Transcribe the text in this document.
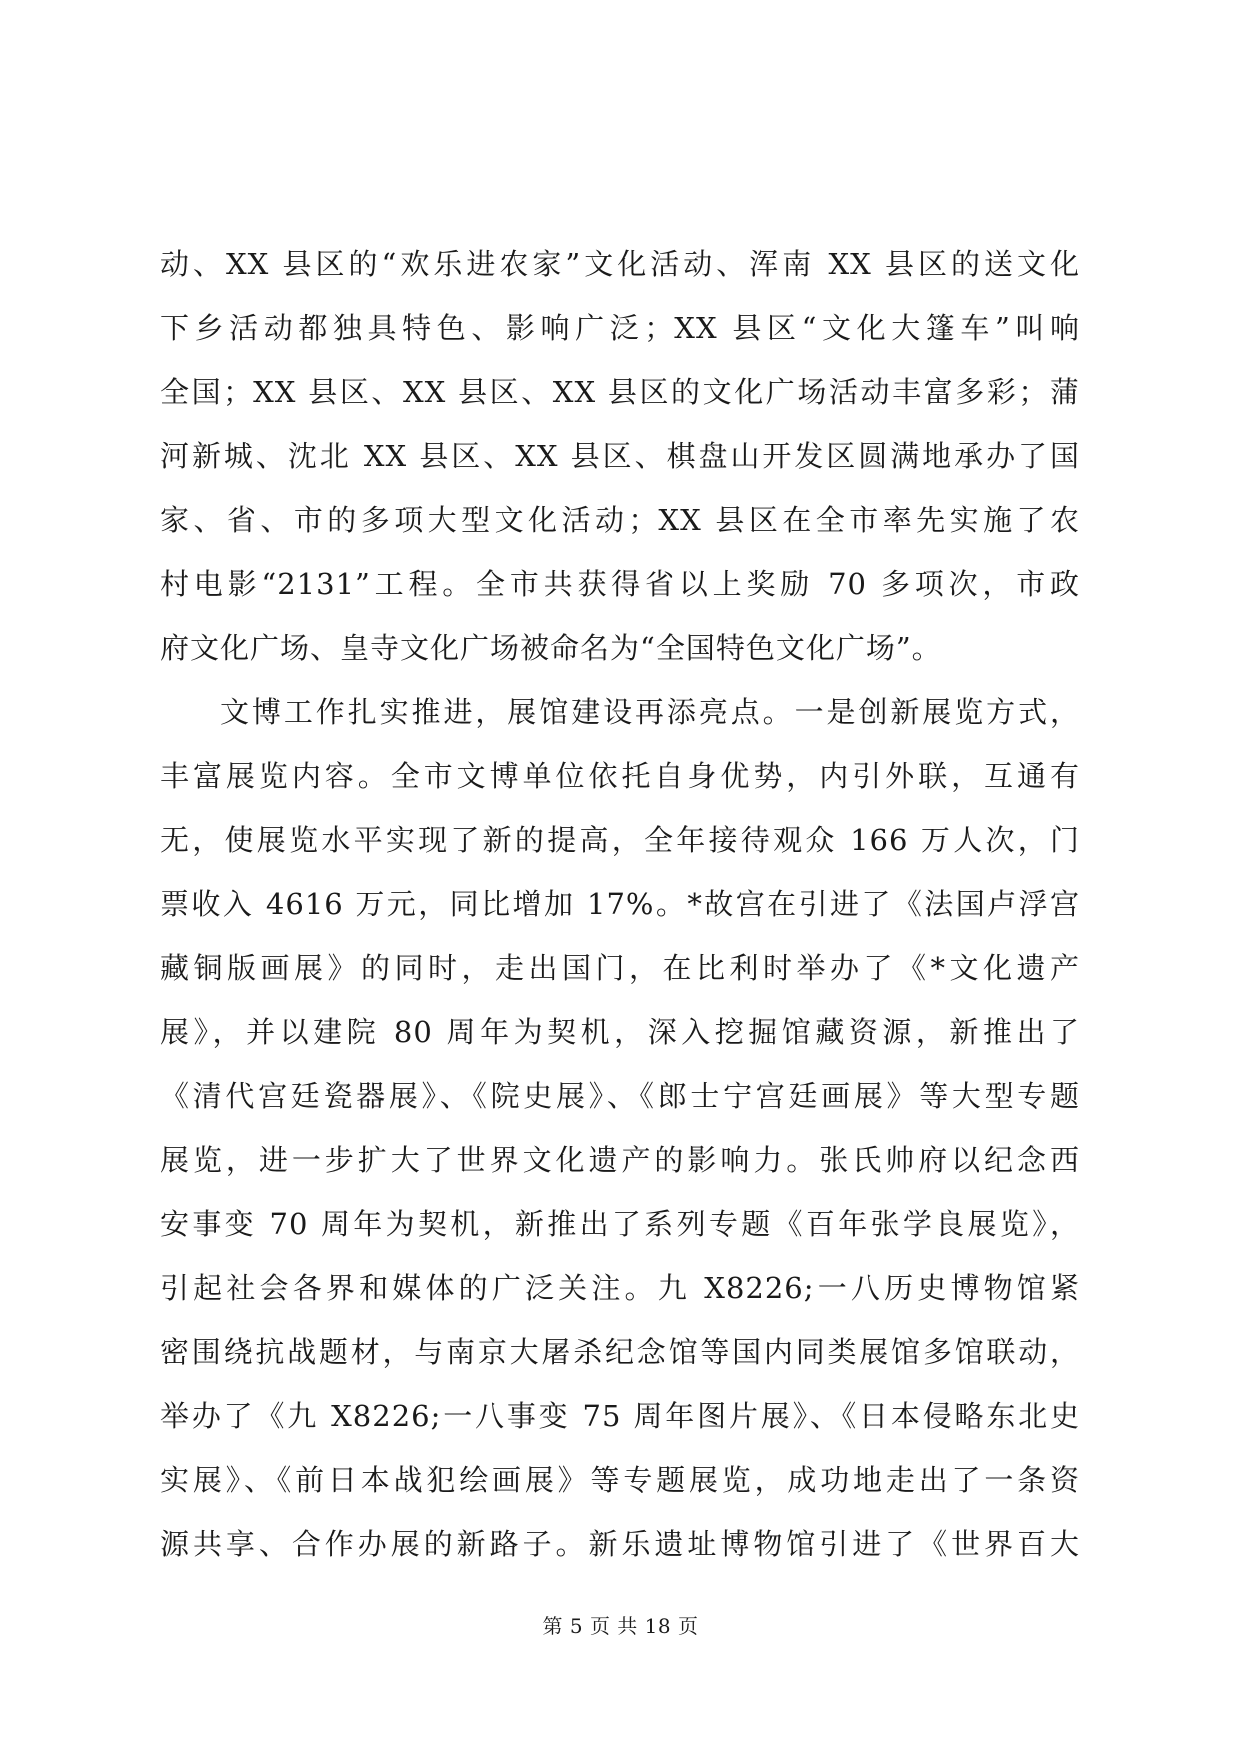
动、XX 县区的“欢乐进农家”文化活动、浑南 XX 县区的送文化
下乡活动都独具特色、影响广泛；XX 县区“文化大篷车”叫响
全国；XX 县区、XX 县区、XX 县区的文化广场活动丰富多彩；蒲
河新城、沈北 XX 县区、XX 县区、棋盘山开发区圆满地承办了国
家、省、市的多项大型文化活动；XX 县区在全市率先实施了农
村电影“2131”工程。全市共获得省以上奖励 70 多项次，市政
府文化广场、皇寺文化广场被命名为“全国特色文化广场”。
文博工作扎实推进，展馆建设再添亮点。一是创新展览方式，
丰富展览内容。全市文博单位依托自身优势，内引外联，互通有
无，使展览水平实现了新的提高，全年接待观众 166 万人次，门
票收入 4616 万元，同比增加 17%。*故宫在引进了《法国卢浮宫
藏铜版画展》的同时，走出国门，在比利时举办了《*文化遗产
展》，并以建院 80 周年为契机，深入挖掘馆藏资源，新推出了
《清代宫廷瓷器展》、《院史展》、《郎士宁宫廷画展》等大型专题
展览，进一步扩大了世界文化遗产的影响力。张氏帅府以纪念西
安事变 70 周年为契机，新推出了系列专题《百年张学良展览》，
引起社会各界和媒体的广泛关注。九 X8226;一八历史博物馆紧
密围绕抗战题材，与南京大屠杀纪念馆等国内同类展馆多馆联动，
举办了《九 X8226;一八事变 75 周年图片展》、《日本侵略东北史
实展》、《前日本战犯绘画展》等专题展览，成功地走出了一条资
源共享、合作办展的新路子。新乐遗址博物馆引进了《世界百大
第 5 页 共 18 页
